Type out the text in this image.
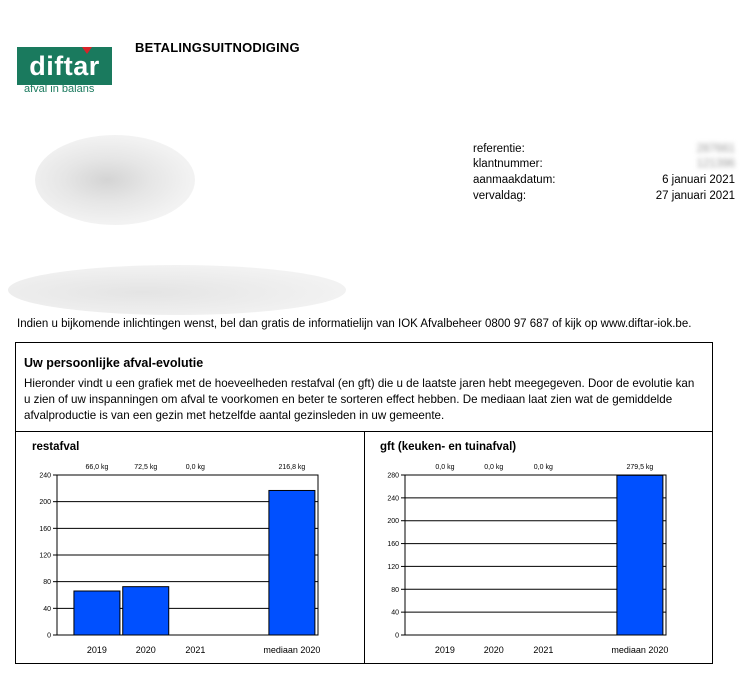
diftar
afval in balans
BETALINGSUITNODIGING
referentie:	287661
klantnummer:	121396
aanmaakdatum:	6 januari 2021
vervaldag:	27 januari 2021
Indien u bijkomende inlichtingen wenst, bel dan gratis de informatielijn van IOK Afvalbeheer 0800 97 687 of kijk op www.diftar-iok.be.
Uw persoonlijke afval-evolutie
Hieronder vindt u een grafiek met de hoeveelheden restafval (en gft) die u de laatste jaren hebt meegegeven. Door de evolutie kan u zien of uw inspanningen om afval te voorkomen en beter te sorteren effect hebben. De mediaan laat zien wat de gemiddelde afvalproductie is van een gezin met hetzelfde aantal gezinsleden in uw gemeente.
restafval	gft (keuken- en tuinafval)
0
40
80
120
160
200
240
66,0 kg
2019
72,5 kg
2020
0,0 kg
2021
216,8 kg
mediaan 2020
0
40
80
120
160
200
240
280
0,0 kg
2019
0,0 kg
2020
0,0 kg
2021
279,5 kg
mediaan 2020
